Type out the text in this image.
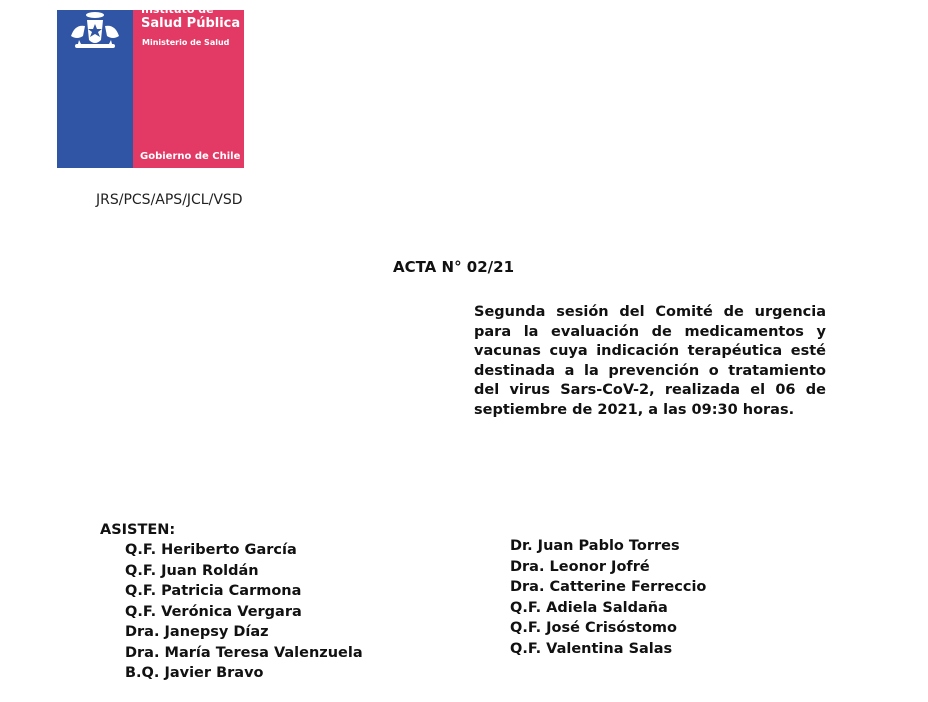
Instituto de
Salud Pública
Ministerio de Salud
Gobierno de Chile
JRS/PCS/APS/JCL/VSD
ACTA N° 02/21
Segunda sesión del Comité de urgencia para la evaluación de medicamentos y vacunas cuya indicación terapéutica esté destinada a la prevención o tratamiento del virus Sars-CoV-2, realizada el 06 de septiembre de 2021, a las 09:30 horas.
ASISTEN:
Q.F. Heriberto García
Q.F. Juan Roldán
Q.F. Patricia Carmona
Q.F. Verónica Vergara
Dra. Janepsy Díaz
Dra. María Teresa Valenzuela
B.Q. Javier Bravo
Dr. Juan Pablo Torres
Dra. Leonor Jofré
Dra. Catterine Ferreccio
Q.F. Adiela Saldaña
Q.F. José Crisóstomo
Q.F. Valentina Salas
